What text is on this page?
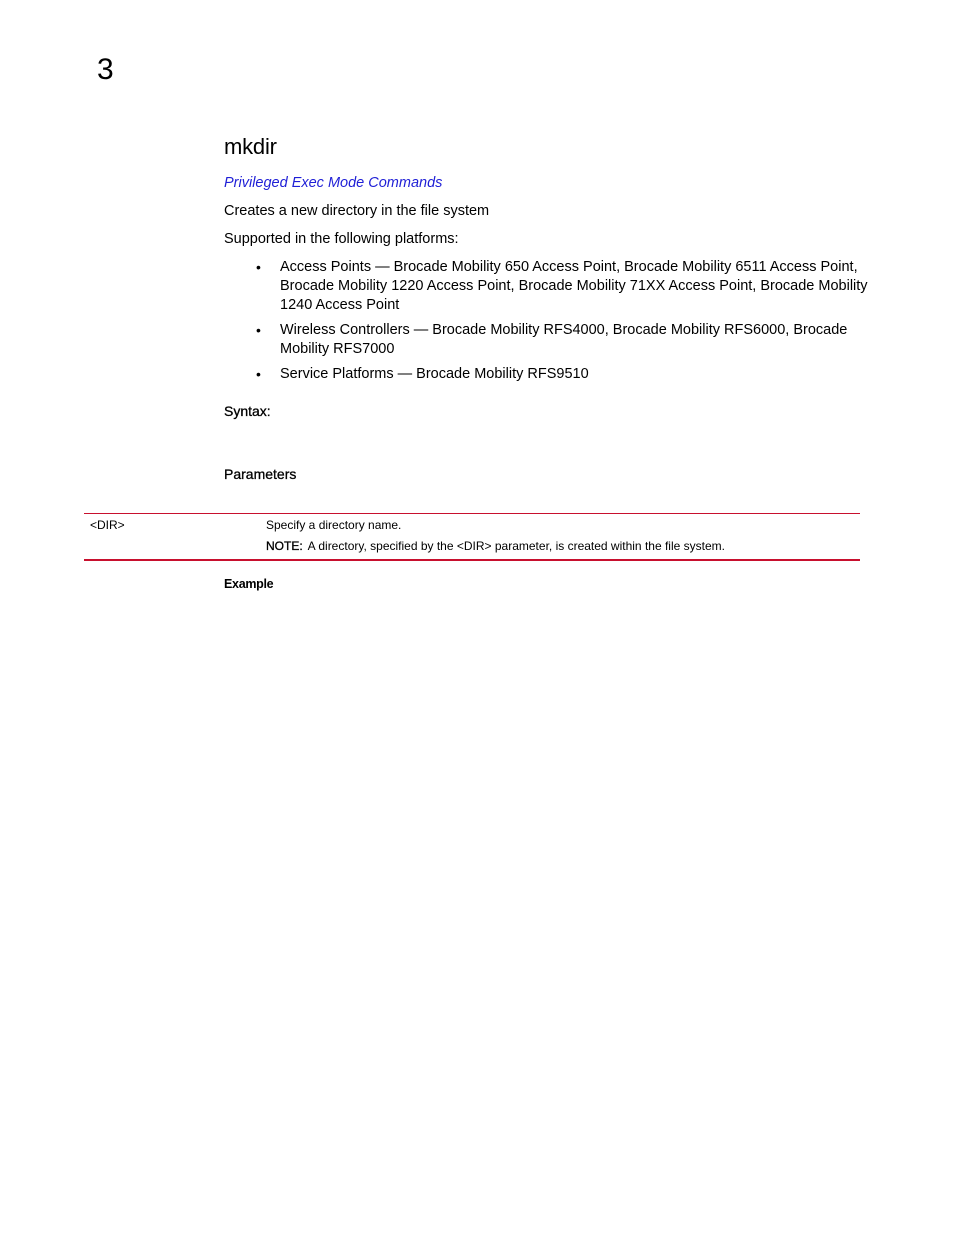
3
mkdir
Privileged Exec Mode Commands

Creates a new directory in the file system

Supported in the following platforms:

• Access Points — Brocade Mobility 650 Access Point, Brocade Mobility 6511 Access Point, Brocade Mobility 1220 Access Point, Brocade Mobility 71XX Access Point, Brocade Mobility 1240 Access Point
• Wireless Controllers — Brocade Mobility RFS4000, Brocade Mobility RFS6000, Brocade Mobility RFS7000
• Service Platforms — Brocade Mobility RFS9510
Syntax:
Parameters
<DIR>	Specify a directory name.
NOTE: A directory, specified by the <DIR> parameter, is created within the file system.
Example
